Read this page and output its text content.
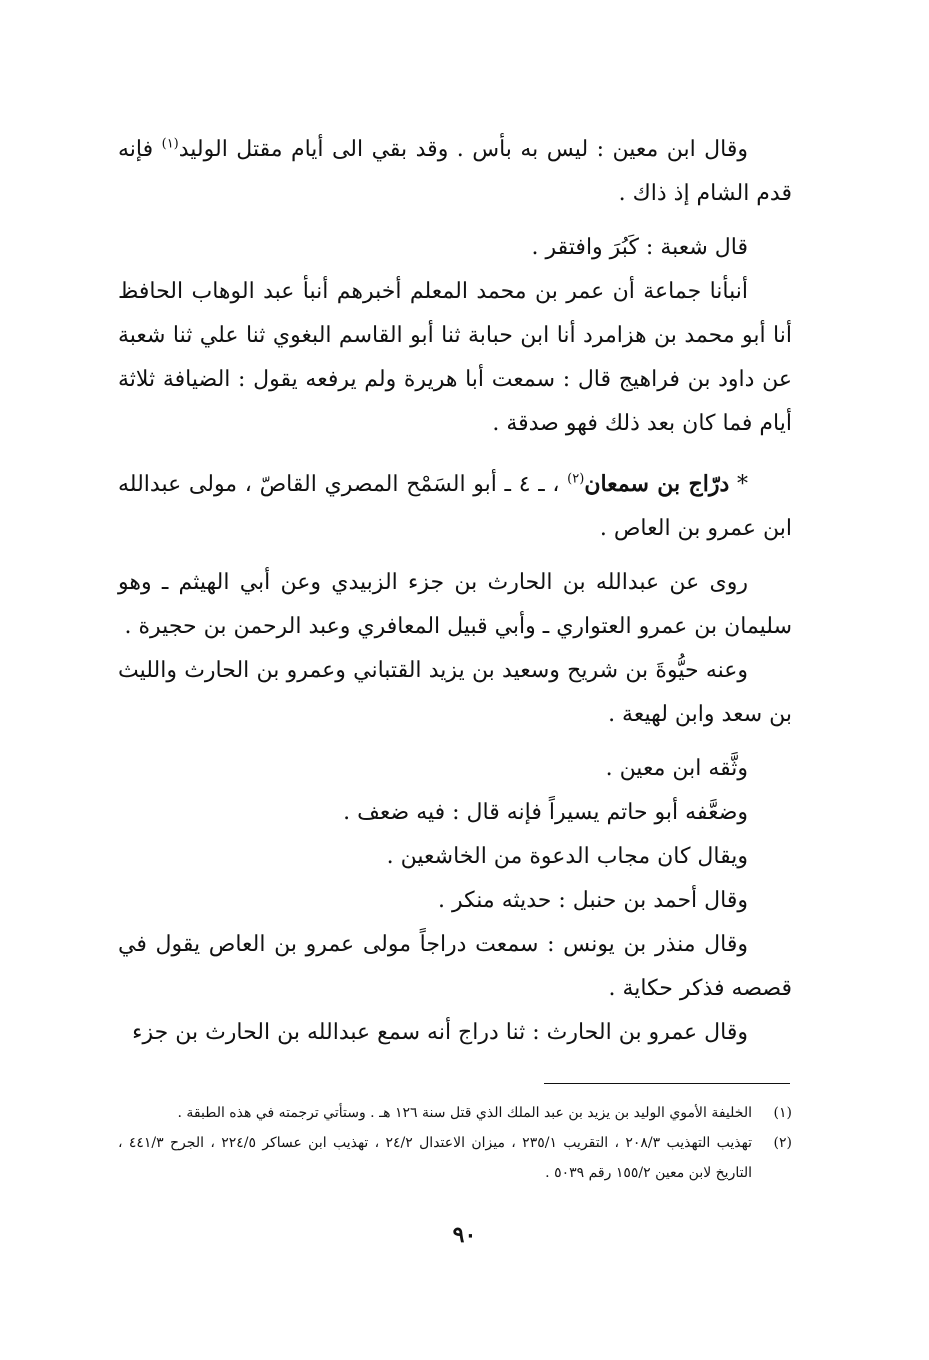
وقال ابن معين : ليس به بأس . وقد بقي الى أيام مقتل الوليد$^{(١)}$ فإنه قدم الشام إذ ذاك .

قال شعبة : كَبُرَ وافتقر .

أنبأنا جماعة أن عمر بن محمد المعلم أخبرهم أنبأ عبد الوهاب الحافظ أنا أبو محمد بن هزامرد أنا ابن حبابة ثنا أبو القاسم البغوي ثنا علي ثنا شعبة عن داود بن فراهيج قال : سمعت أبا هريرة ولم يرفعه يقول : الضيافة ثلاثة أيام فما كان بعد ذلك فهو صدقة .

* درّاج بن سمعان$^{(٢)}$ ، ـ ٤ ـ أبو السَمْح المصري القاصّ ، مولى عبدالله ابن عمرو بن العاص .

روى عن عبدالله بن الحارث بن جزء الزبيدي وعن أبي الهيثم ـ وهو سليمان بن عمرو العتواري ـ وأبي قبيل المعافري وعبد الرحمن بن حجيرة .

وعنه حيُّوةَ بن شريح وسعيد بن يزيد القتباني وعمرو بن الحارث والليث بن سعد وابن لهيعة .

وثَّقه ابن معين .

وضعَّفه أبو حاتم يسيراً فإنه قال : فيه ضعف .

ويقال كان مجاب الدعوة من الخاشعين .

وقال أحمد بن حنبل : حديثه منكر .

وقال منذر بن يونس : سمعت دراجاً مولى عمرو بن العاص يقول في قصصه فذكر حكاية .

وقال عمرو بن الحارث : ثنا دراج أنه سمع عبدالله بن الحارث بن جزء

(١)
الخليفة الأموي الوليد بن يزيد بن عبد الملك الذي قتل سنة ١٢٦ هـ . وستأتي ترجمته في هذه الطبقة .
(٢)
تهذيب التهذيب ٢٠٨/٣ ، التقريب ٢٣٥/١ ، ميزان الاعتدال ٢٤/٢ ، تهذيب ابن عساكر ٢٢٤/٥ ، الجرح ٤٤١/٣ ، التاريخ لابن معين ١٥٥/٢ رقم ٥٠٣٩ .
٩٠
